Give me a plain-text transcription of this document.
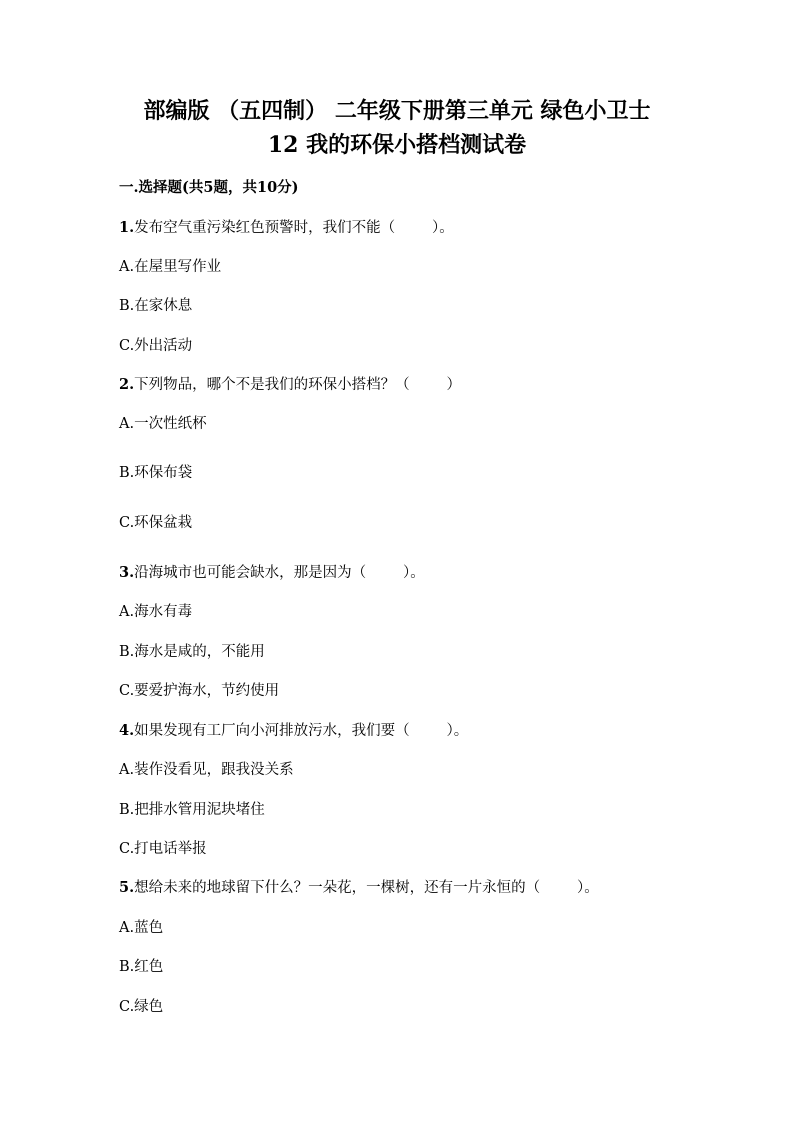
部编版 （五四制） 二年级下册第三单元 绿色小卫士
12 我的环保小搭档测试卷
一.选择题(共5题，共10分)
1.发布空气重污染红色预警时，我们不能（        ）。
A.在屋里写作业
B.在家休息
C.外出活动
2.下列物品，哪个不是我们的环保小搭档？（        ）
A.一次性纸杯
B.环保布袋
C.环保盆栽
3.沿海城市也可能会缺水，那是因为（        ）。
A.海水有毒
B.海水是咸的，不能用
C.要爱护海水，节约使用
4.如果发现有工厂向小河排放污水，我们要（        ）。
A.装作没看见，跟我没关系
B.把排水管用泥块堵住
C.打电话举报
5.想给未来的地球留下什么？一朵花，一棵树，还有一片永恒的（        ）。
A.蓝色
B.红色
C.绿色
